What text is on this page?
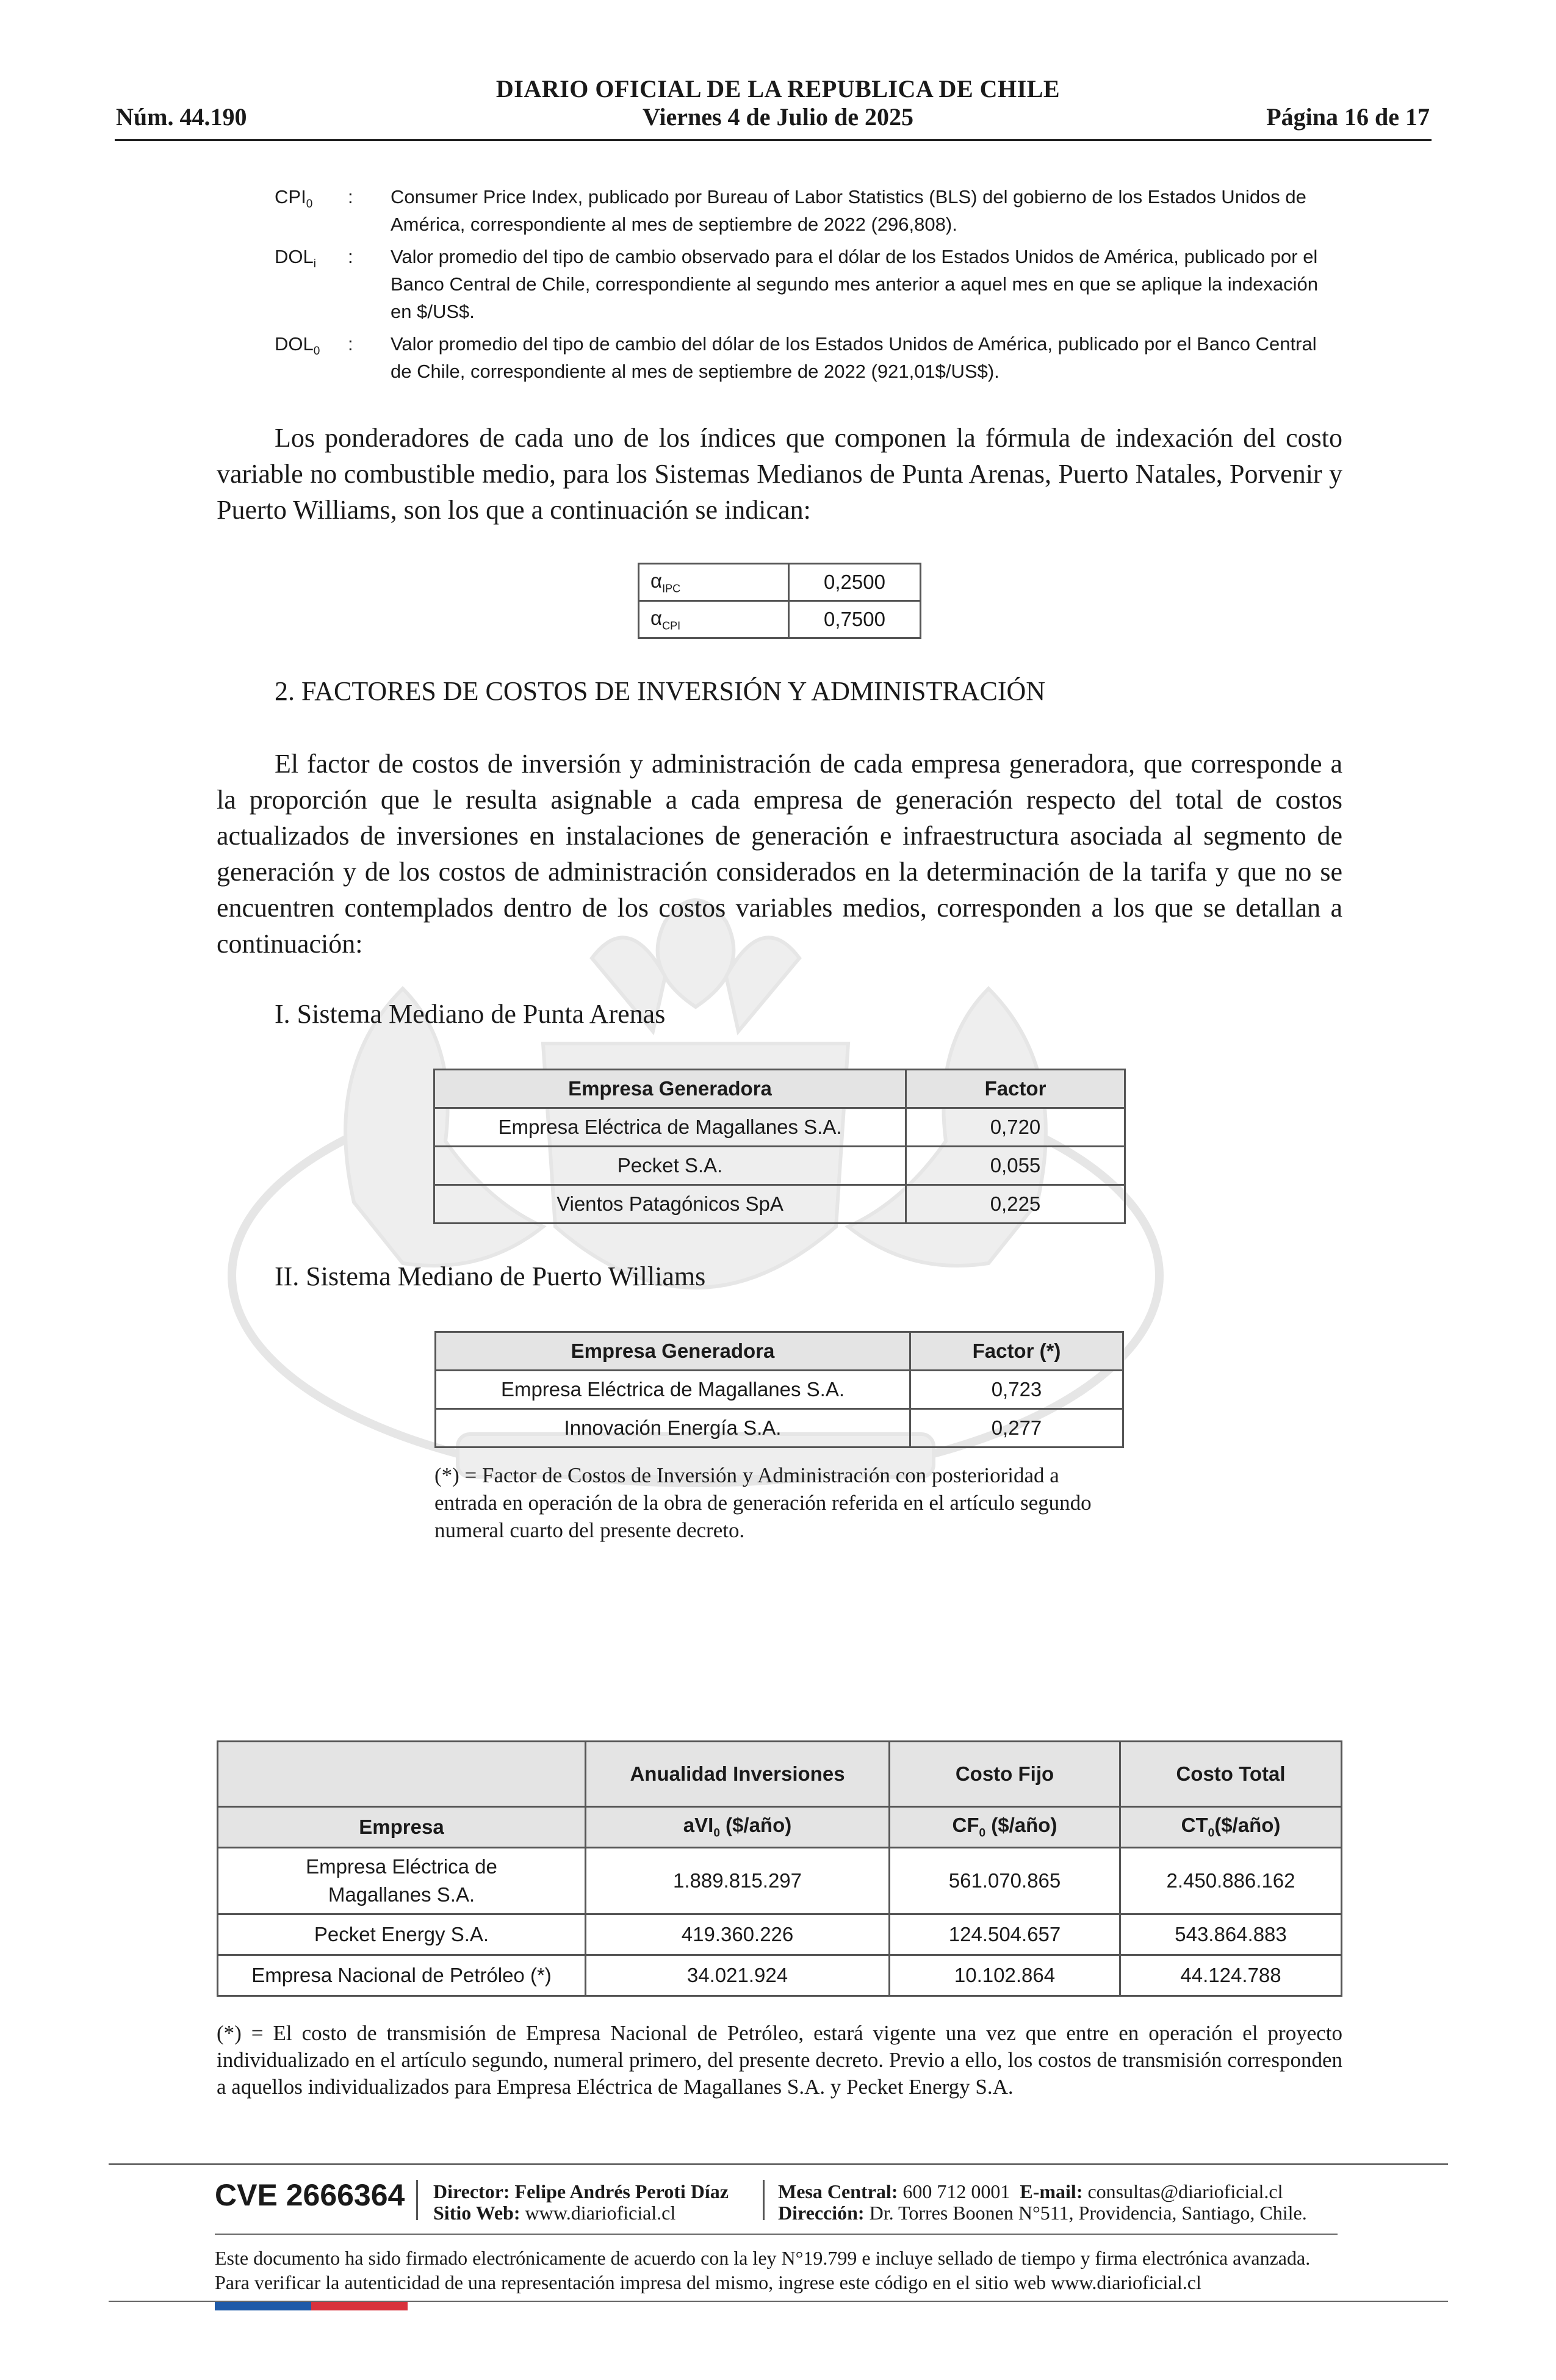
DIARIO OFICIAL DE LA REPUBLICA DE CHILE
Núm. 44.190	Viernes 4 de Julio de 2025	Página 16 de 17
$CPI_0$ : Consumer Price Index, publicado por Bureau of Labor Statistics (BLS) del gobierno de los Estados Unidos de América, correspondiente al mes de septiembre de 2022 (296,808).
$DOL_i$ : Valor promedio del tipo de cambio observado para el dólar de los Estados Unidos de América, publicado por el Banco Central de Chile, correspondiente al segundo mes anterior a aquel mes en que se aplique la indexación en $/US$.
$DOL_0$ : Valor promedio del tipo de cambio del dólar de los Estados Unidos de América, publicado por el Banco Central de Chile, correspondiente al mes de septiembre de 2022 (921,01$/US$).
Los ponderadores de cada uno de los índices que componen la fórmula de indexación del costo variable no combustible medio, para los Sistemas Medianos de Punta Arenas, Puerto Natales, Porvenir y Puerto Williams, son los que a continuación se indican:
$\alpha_{IPC}$	0,2500
$\alpha_{CPI}$	0,7500
2. FACTORES DE COSTOS DE INVERSIÓN Y ADMINISTRACIÓN
El factor de costos de inversión y administración de cada empresa generadora, que corresponde a la proporción que le resulta asignable a cada empresa de generación respecto del total de costos actualizados de inversiones en instalaciones de generación e infraestructura asociada al segmento de generación y de los costos de administración considerados en la determinación de la tarifa y que no se encuentren contemplados dentro de los costos variables medios, corresponden a los que se detallan a continuación:
I. Sistema Mediano de Punta Arenas
Empresa Generadora	Factor
Empresa Eléctrica de Magallanes S.A.	0,720
Pecket S.A.	0,055
Vientos Patagónicos SpA	0,225
II. Sistema Mediano de Puerto Williams
Empresa Generadora	Factor (*)
Empresa Eléctrica de Magallanes S.A.	0,723
Innovación Energía S.A.	0,277
(*) = Factor de Costos de Inversión y Administración con posterioridad a entrada en operación de la obra de generación referida en el artículo segundo numeral cuarto del presente decreto.
	Anualidad Inversiones	Costo Fijo	Costo Total
Empresa	aVI$_0$ ($/año)	$CF_0$ ($/año)	$CT_0(\$/año)$
Empresa Eléctrica de Magallanes S.A.	1.889.815.297	561.070.865	2.450.886.162
Pecket Energy S.A.	419.360.226	124.504.657	543.864.883
Empresa Nacional de Petróleo (*)	34.021.924	10.102.864	44.124.788
(*) = El costo de transmisión de Empresa Nacional de Petróleo, estará vigente una vez que entre en operación el proyecto individualizado en el artículo segundo, numeral primero, del presente decreto. Previo a ello, los costos de transmisión corresponden a aquellos individualizados para Empresa Eléctrica de Magallanes S.A. y Pecket Energy S.A.
CVE 2666364 Director: Felipe Andrés Peroti Díaz
Sitio Web: www.diarioficial.cl
Mesa Central: 600 712 0001 E-mail: consultas@diarioficial.cl
Dirección: Dr. Torres Boonen N°511, Providencia, Santiago, Chile.
Este documento ha sido firmado electrónicamente de acuerdo con la ley N°19.799 e incluye sellado de tiempo y firma electrónica avanzada. Para verificar la autenticidad de una representación impresa del mismo, ingrese este código en el sitio web www.diarioficial.cl
